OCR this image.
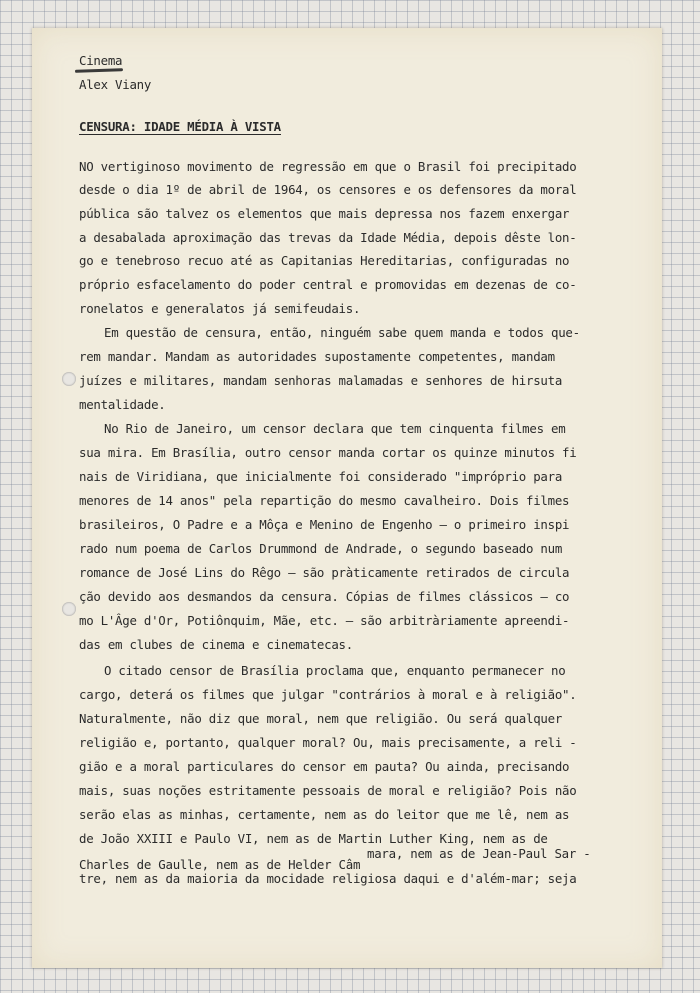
Cinema
Alex Viany
CENSURA: IDADE MÉDIA À VISTA
NO vertiginoso movimento de regressão em que o Brasil foi precipitado
desde o dia 1º de abril de 1964, os censores e os defensores da moral
pública são talvez os elementos que mais depressa nos fazem enxergar
a desabalada aproximação das trevas da Idade Média, depois dêste lon-
go e tenebroso recuo até as Capitanias Hereditarias, configuradas no
próprio esfacelamento do poder central e promovidas em dezenas de co-
ronelatos e generalatos já semifeudais.
Em questão de censura, então, ninguém sabe quem manda e todos que-
rem mandar. Mandam as autoridades supostamente competentes, mandam
juízes e militares, mandam senhoras malamadas e senhores de hirsuta
mentalidade.
No Rio de Janeiro, um censor declara que tem cinquenta filmes em
sua mira. Em Brasília, outro censor manda cortar os quinze minutos fi
nais de Viridiana, que inicialmente foi considerado "impróprio para
menores de 14 anos" pela repartição do mesmo cavalheiro. Dois filmes
brasileiros, O Padre e a Môça e Menino de Engenho — o primeiro inspi
rado num poema de Carlos Drummond de Andrade, o segundo baseado num
romance de José Lins do Rêgo — são pràticamente retirados de circula
ção devido aos desmandos da censura. Cópias de filmes clássicos — co
mo L'Âge d'Or, Potiônquim, Mãe, etc. — são arbitràriamente apreendi-
das em clubes de cinema e cinematecas.
O citado censor de Brasília proclama que, enquanto permanecer no
cargo, deterá os filmes que julgar "contrários à moral e à religião".
Naturalmente, não diz que moral, nem que religião. Ou será qualquer
religião e, portanto, qualquer moral? Ou, mais precisamente, a reli -
gião e a moral particulares do censor em pauta? Ou ainda, precisando
mais, suas noções estritamente pessoais de moral e religião? Pois não
serão elas as minhas, certamente, nem as do leitor que me lê, nem as
de João XXIII e Paulo VI, nem as de Martin Luther King, nem as de
Charles de Gaulle, nem as de Helder Câm
mara, nem as de Jean-Paul Sar -
tre, nem as da maioria da mocidade religiosa daqui e d'além-mar; seja
